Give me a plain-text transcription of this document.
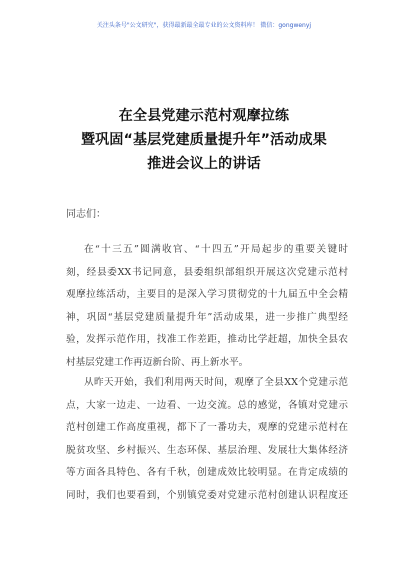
关注头条号"公文研究"，获得最新最全最专业的公文资料库！ 微信：gongwenyj
在全县党建示范村观摩拉练
暨巩固“基层党建质量提升年”活动成果
推进会议上的讲话
同志们：
在“十三五”圆满收官、“十四五”开局起步的重要关键时
刻，经县委XX书记同意，县委组织部组织开展这次党建示范村
观摩拉练活动，主要目的是深入学习贯彻党的十九届五中全会精
神，巩固“基层党建质量提升年”活动成果，进一步推广典型经
验，发挥示范作用，找准工作差距，推动比学赶超，加快全县农
村基层党建工作再迈新台阶、再上新水平。
从昨天开始，我们利用两天时间，观摩了全县XX个党建示范
点，大家一边走、一边看、一边交流。总的感觉，各镇对党建示
范村创建工作高度重视，都下了一番功夫，观摩的党建示范村在
脱贫攻坚、乡村振兴、生态环保、基层治理、发展壮大集体经济
等方面各具特色、各有千秋，创建成效比较明显。在肯定成绩的
同时，我们也要看到，个别镇党委对党建示范村创建认识程度还
